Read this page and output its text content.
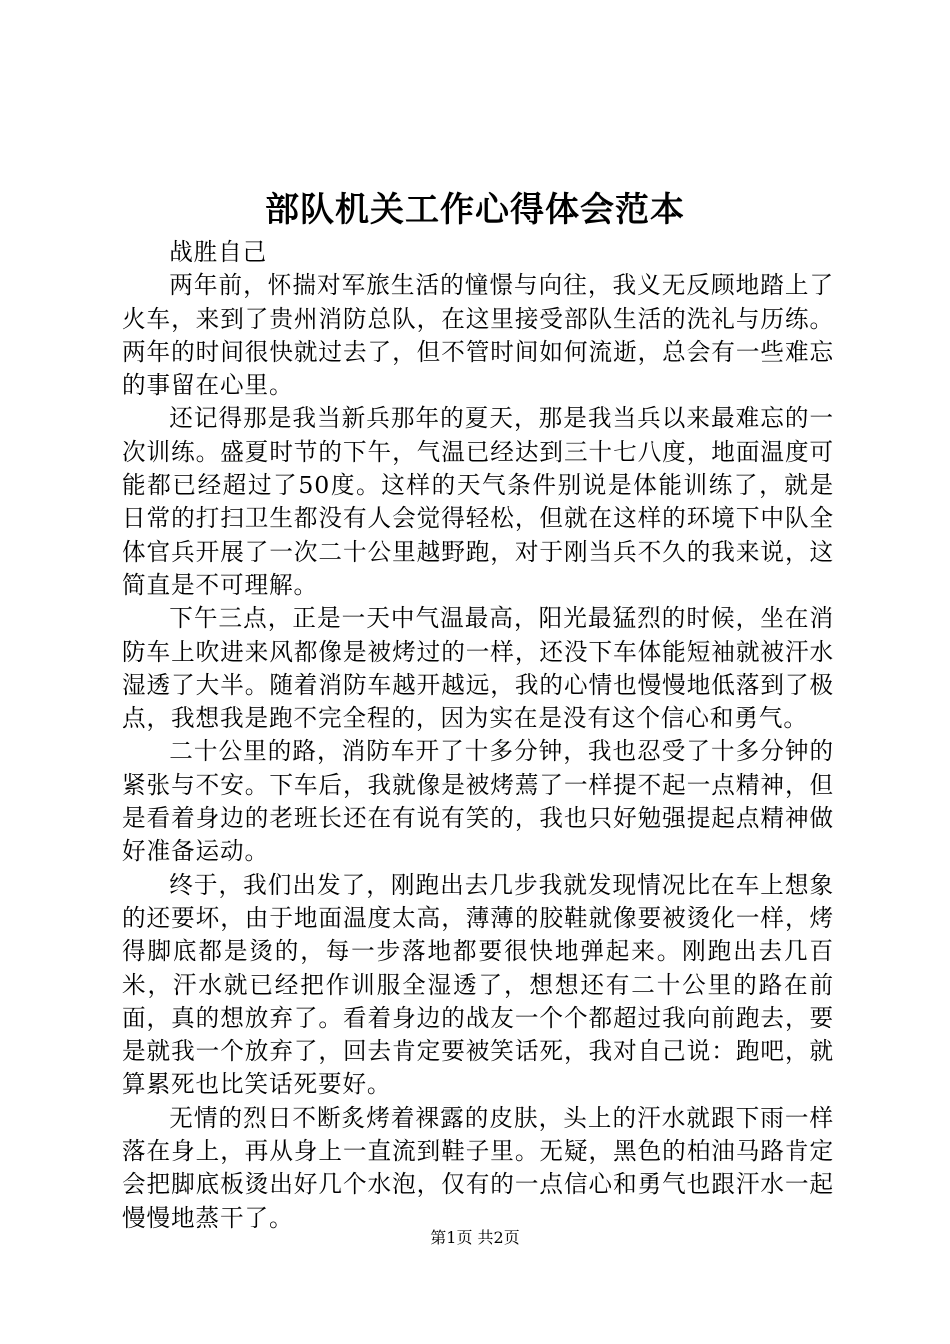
部队机关工作心得体会范本

战胜自己

两年前，怀揣对军旅生活的憧憬与向往，我义无反顾地踏上了火车，来到了贵州消防总队，在这里接受部队生活的洗礼与历练。两年的时间很快就过去了，但不管时间如何流逝，总会有一些难忘的事留在心里。

还记得那是我当新兵那年的夏天，那是我当兵以来最难忘的一次训练。盛夏时节的下午，气温已经达到三十七八度，地面温度可能都已经超过了50度。这样的天气条件别说是体能训练了，就是日常的打扫卫生都没有人会觉得轻松，但就在这样的环境下中队全体官兵开展了一次二十公里越野跑，对于刚当兵不久的我来说，这简直是不可理解。

下午三点，正是一天中气温最高，阳光最猛烈的时候，坐在消防车上吹进来风都像是被烤过的一样，还没下车体能短袖就被汗水湿透了大半。随着消防车越开越远，我的心情也慢慢地低落到了极点，我想我是跑不完全程的，因为实在是没有这个信心和勇气。

二十公里的路，消防车开了十多分钟，我也忍受了十多分钟的紧张与不安。下车后，我就像是被烤蔫了一样提不起一点精神，但是看着身边的老班长还在有说有笑的，我也只好勉强提起点精神做好准备运动。

终于，我们出发了，刚跑出去几步我就发现情况比在车上想象的还要坏，由于地面温度太高，薄薄的胶鞋就像要被烫化一样，烤得脚底都是烫的，每一步落地都要很快地弹起来。刚跑出去几百米，汗水就已经把作训服全湿透了，想想还有二十公里的路在前面，真的想放弃了。看着身边的战友一个个都超过我向前跑去，要是就我一个放弃了，回去肯定要被笑话死，我对自己说：跑吧，就算累死也比笑话死要好。

无情的烈日不断炙烤着裸露的皮肤，头上的汗水就跟下雨一样落在身上，再从身上一直流到鞋子里。无疑，黑色的柏油马路肯定会把脚底板烫出好几个水泡，仅有的一点信心和勇气也跟汗水一起慢慢地蒸干了。

第1页 共2页
